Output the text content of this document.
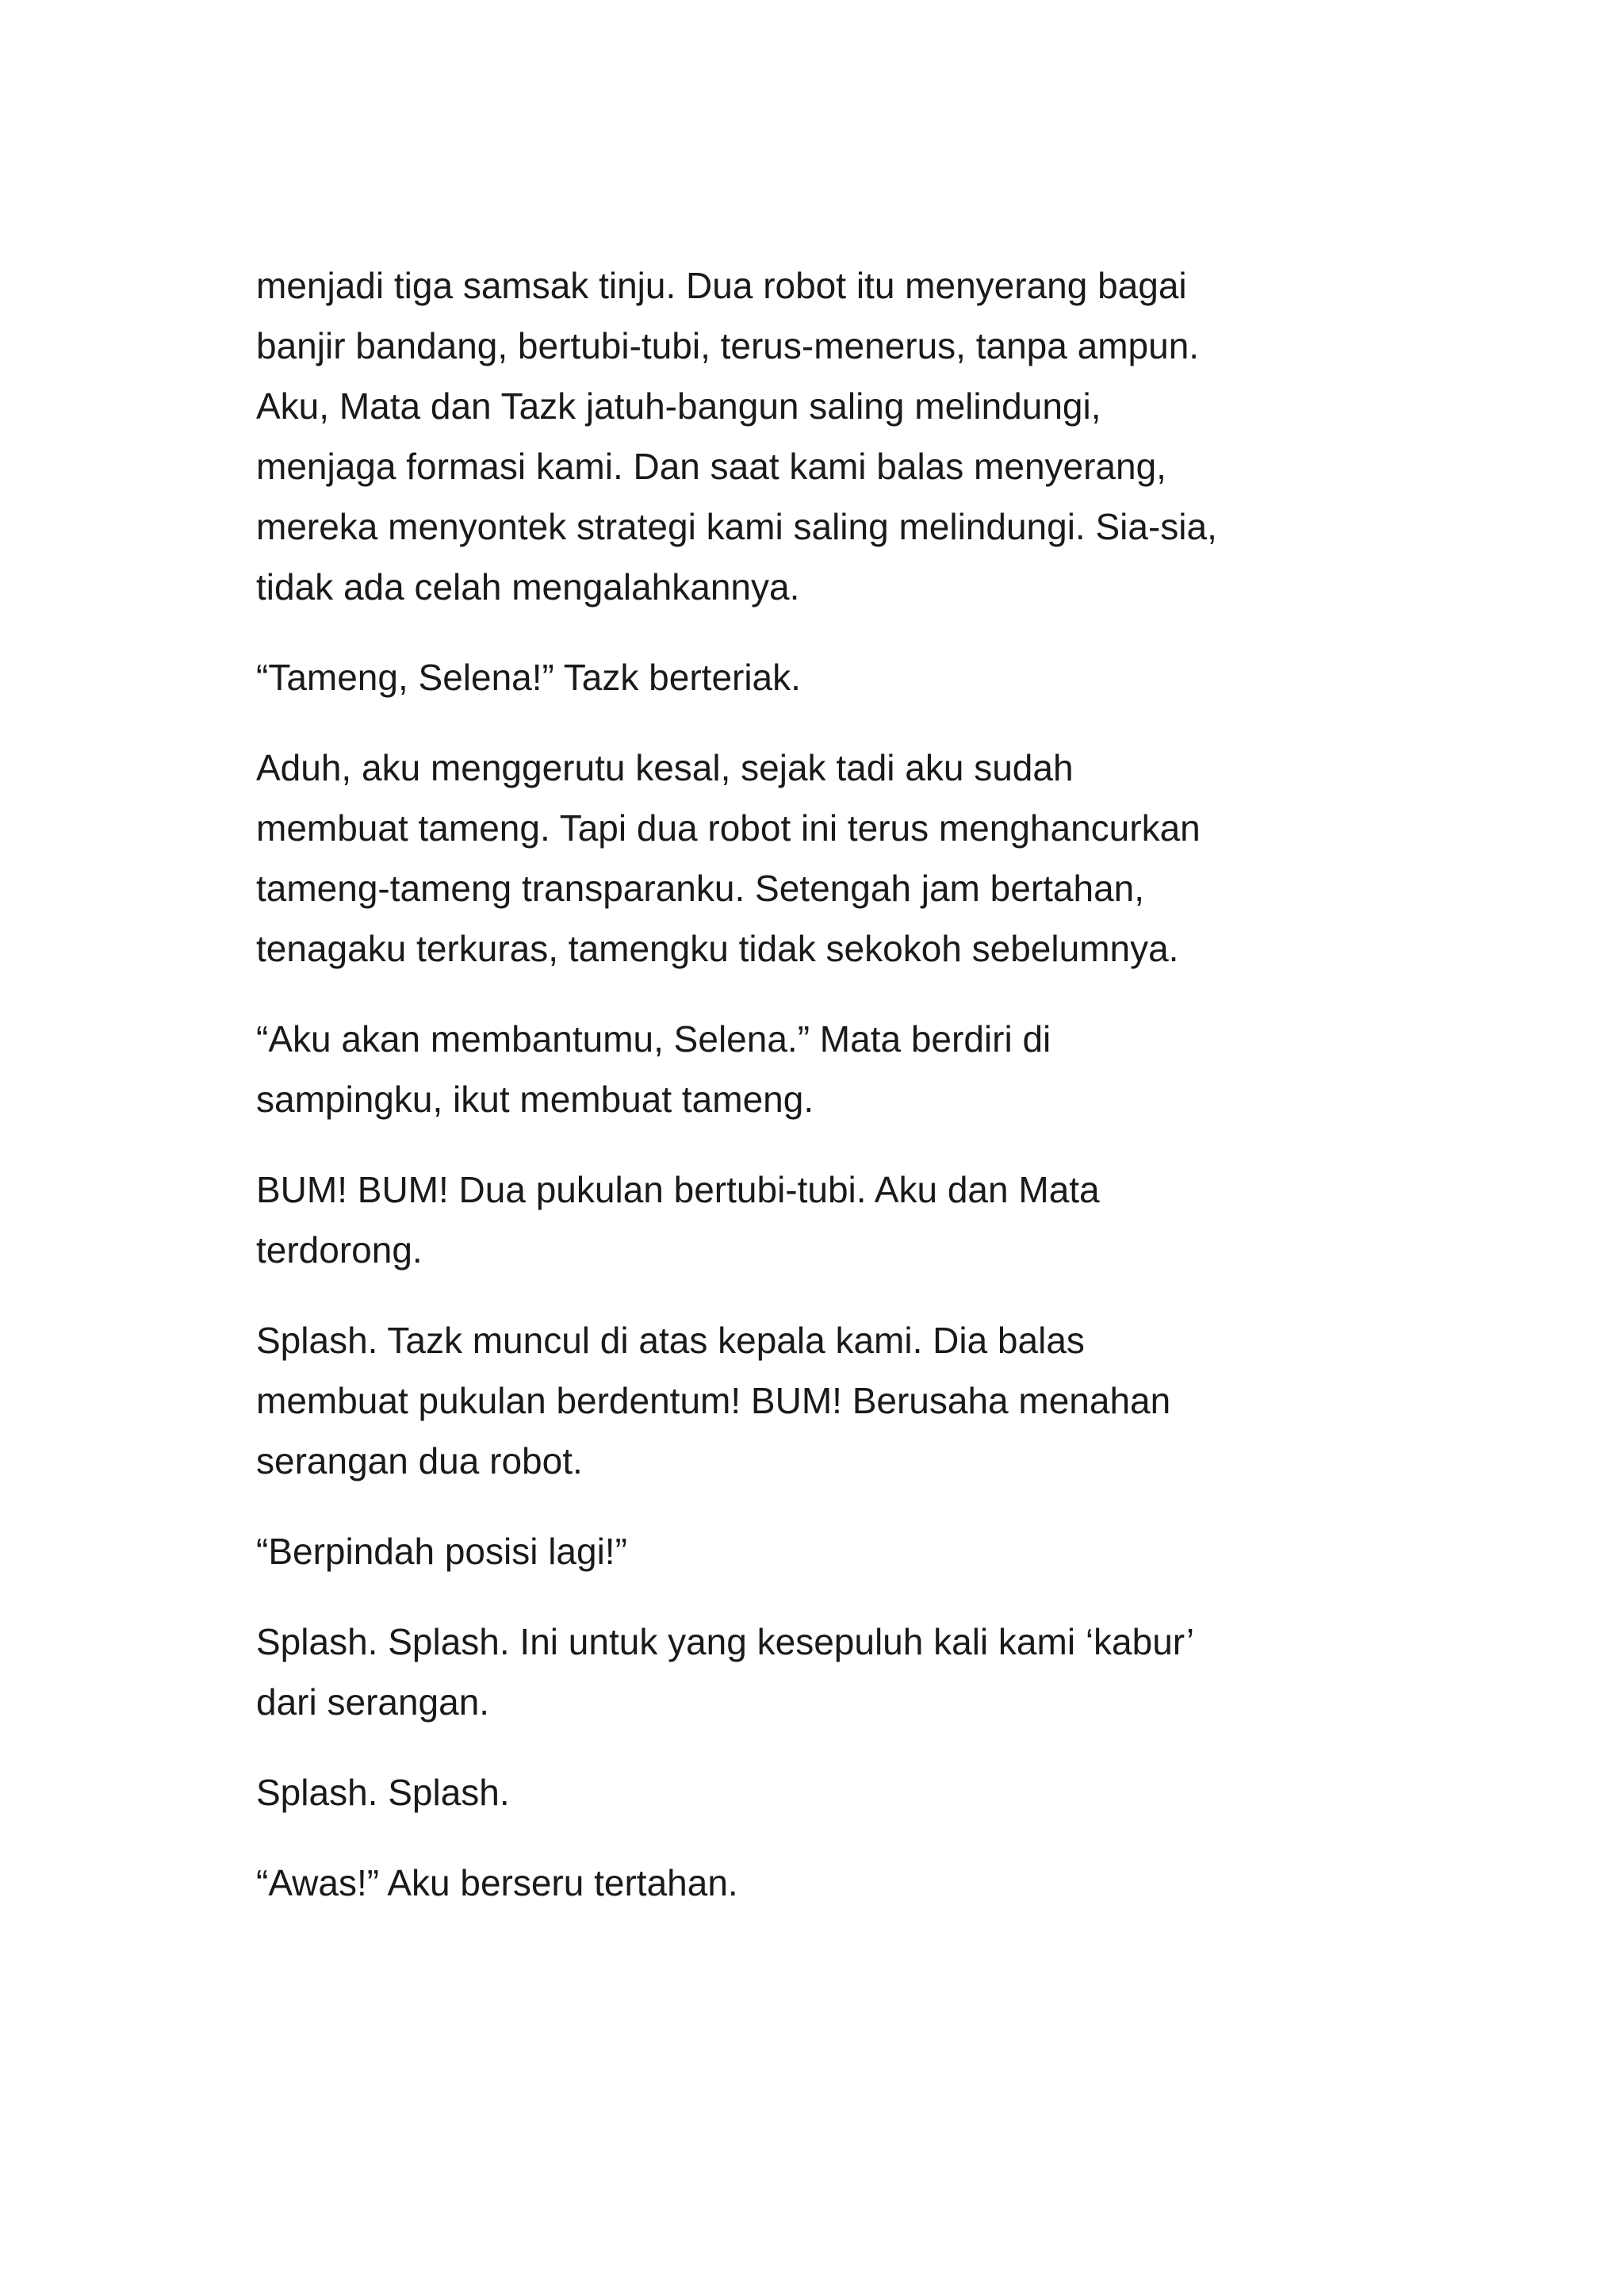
menjadi tiga samsak tinju. Dua robot itu menyerang bagai
banjir bandang, bertubi-tubi, terus-menerus, tanpa ampun.
Aku, Mata dan Tazk jatuh-bangun saling melindungi,
menjaga formasi kami. Dan saat kami balas menyerang,
mereka menyontek strategi kami saling melindungi. Sia-sia,
tidak ada celah mengalahkannya.

“Tameng, Selena!” Tazk berteriak.

Aduh, aku menggerutu kesal, sejak tadi aku sudah
membuat tameng. Tapi dua robot ini terus menghancurkan
tameng-tameng transparanku. Setengah jam bertahan,
tenagaku terkuras, tamengku tidak sekokoh sebelumnya.

“Aku akan membantumu, Selena.” Mata berdiri di
sampingku, ikut membuat tameng.

BUM! BUM! Dua pukulan bertubi-tubi. Aku dan Mata
terdorong.

Splash. Tazk muncul di atas kepala kami. Dia balas
membuat pukulan berdentum! BUM! Berusaha menahan
serangan dua robot.

“Berpindah posisi lagi!”

Splash. Splash. Ini untuk yang kesepuluh kali kami ‘kabur’
dari serangan.

Splash. Splash.

“Awas!” Aku berseru tertahan.
